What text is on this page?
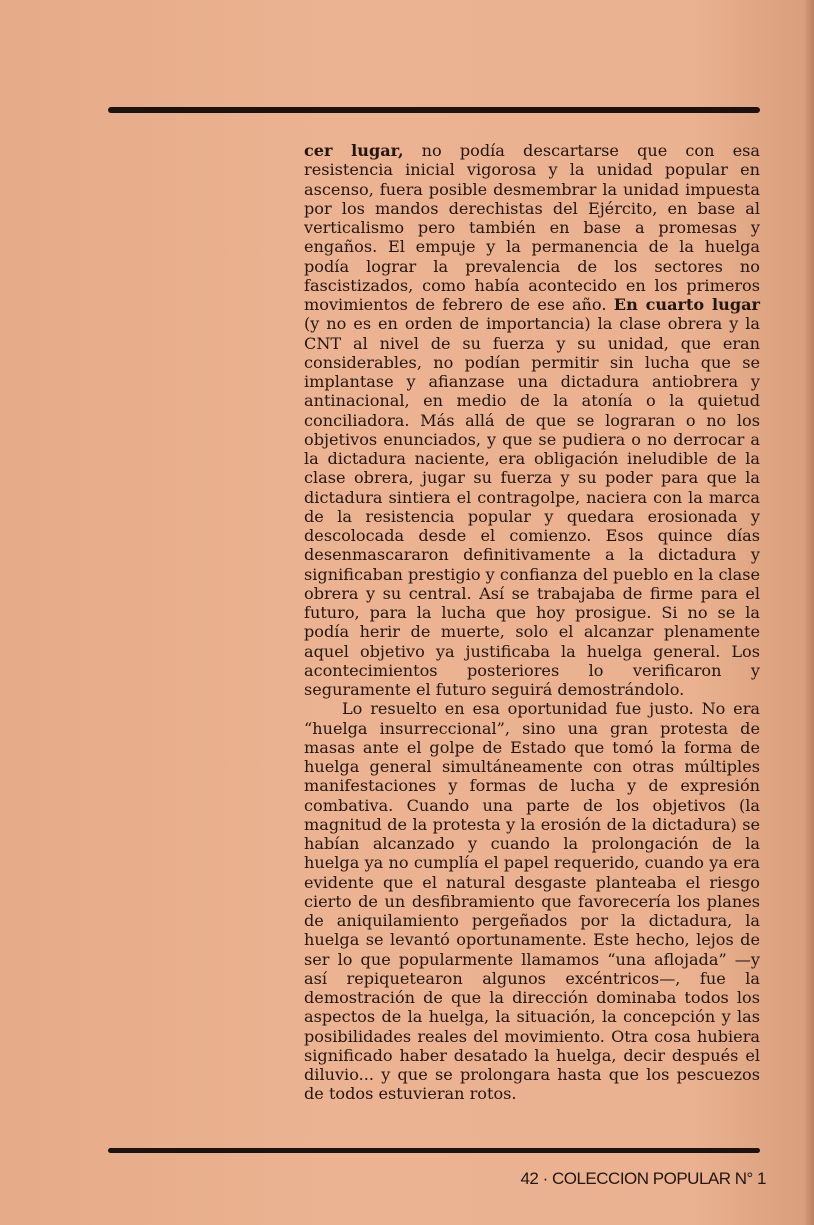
cer lugar, no podía descartarse que con esa resistencia inicial vigorosa y la unidad popular en ascenso, fuera posible desmembrar la unidad impuesta por los mandos derechistas del Ejército, en base al verticalismo pero también en base a promesas y engaños. El empuje y la permanencia de la huelga podía lograr la prevalencia de los sectores no fascistizados, como había acontecido en los primeros movimientos de febrero de ese año. En cuarto lugar (y no es en orden de importancia) la clase obrera y la CNT al nivel de su fuerza y su unidad, que eran considerables, no podían permitir sin lucha que se implantase y afianzase una dictadura antiobrera y antinacional, en medio de la atonía o la quietud conciliadora. Más allá de que se lograran o no los objetivos enunciados, y que se pudiera o no derrocar a la dictadura naciente, era obligación ineludible de la clase obrera, jugar su fuerza y su poder para que la dictadura sintiera el contragolpe, naciera con la marca de la resistencia popular y quedara erosionada y descolocada desde el comienzo. Esos quince días desenmascararon definitivamente a la dictadura y significaban prestigio y confianza del pueblo en la clase obrera y su central. Así se trabajaba de firme para el futuro, para la lucha que hoy prosigue. Si no se la podía herir de muerte, solo el alcanzar plenamente aquel objetivo ya justificaba la huelga general. Los acontecimientos posteriores lo verificaron y seguramente el futuro seguirá demostrándolo.

Lo resuelto en esa oportunidad fue justo. No era “huelga insurreccional”, sino una gran protesta de masas ante el golpe de Estado que tomó la forma de huelga general simultáneamente con otras múltiples manifestaciones y formas de lucha y de expresión combativa. Cuando una parte de los objetivos (la magnitud de la protesta y la erosión de la dictadura) se habían alcanzado y cuando la prolongación de la huelga ya no cumplía el papel requerido, cuando ya era evidente que el natural desgaste planteaba el riesgo cierto de un desfibramiento que favorecería los planes de aniquilamiento pergeñados por la dictadura, la huelga se levantó oportunamente. Este hecho, lejos de ser lo que popularmente llamamos “una aflojada” —y así repiquetearon algunos excéntricos—, fue la demostración de que la dirección dominaba todos los aspectos de la huelga, la situación, la concepción y las posibilidades reales del movimiento. Otra cosa hubiera significado haber desatado la huelga, decir después el diluvio... y que se prolongara hasta que los pescuezos de todos estuvieran rotos.

42 · COLECCION POPULAR N° 1
